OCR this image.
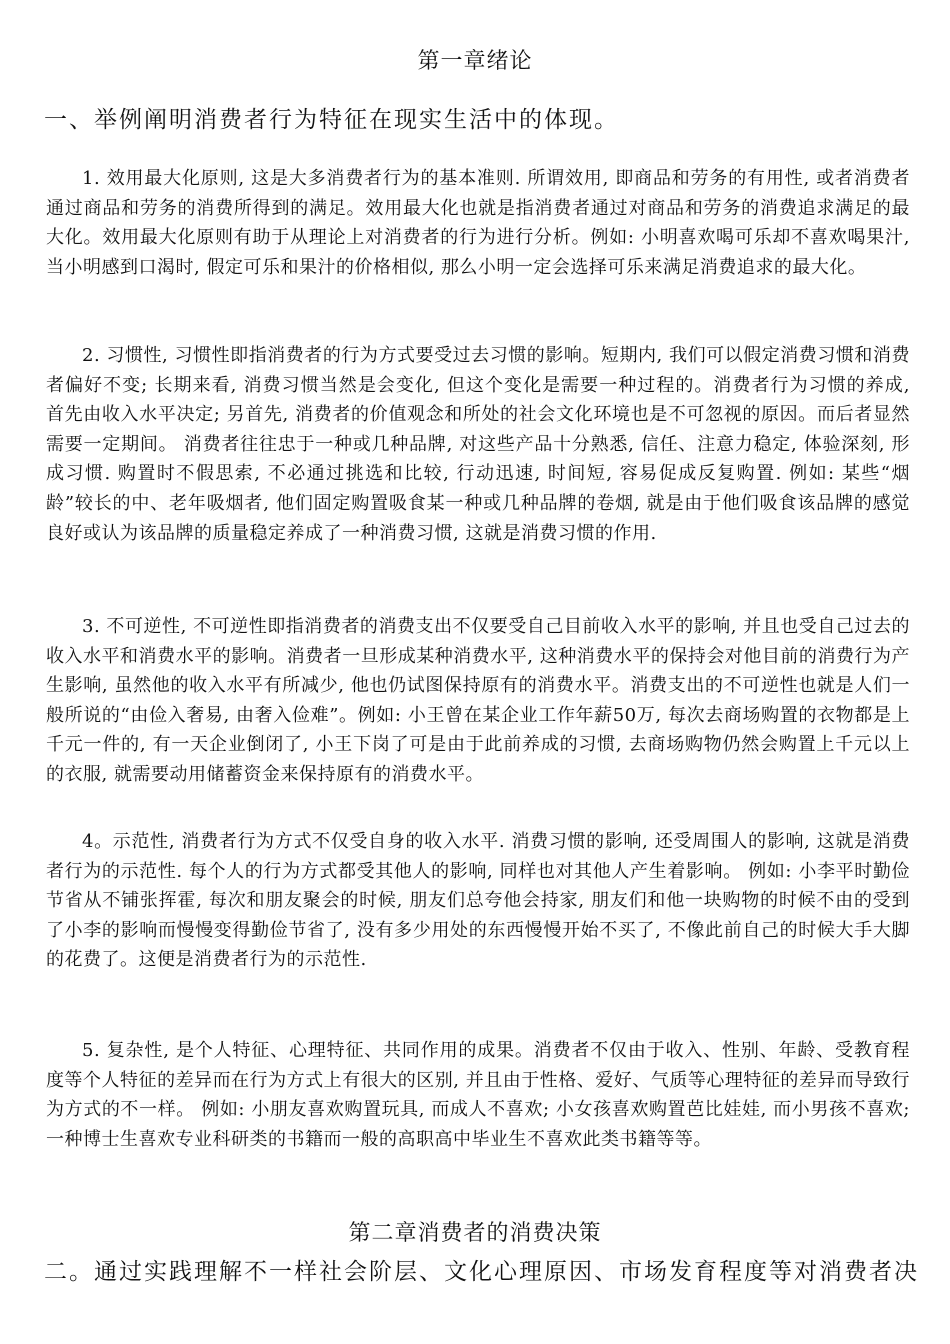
第一章绪论
一、举例阐明消费者行为特征在现实生活中的体现。
1. 效用最大化原则, 这是大多消费者行为的基本准则. 所谓效用, 即商品和劳务的有用性, 或者消费者通过商品和劳务的消费所得到的满足。效用最大化也就是指消费者通过对商品和劳务的消费追求满足的最大化。效用最大化原则有助于从理论上对消费者的行为进行分析。例如: 小明喜欢喝可乐却不喜欢喝果汁, 当小明感到口渴时, 假定可乐和果汁的价格相似, 那么小明一定会选择可乐来满足消费追求的最大化。
2. 习惯性, 习惯性即指消费者的行为方式要受过去习惯的影响。短期内, 我们可以假定消费习惯和消费者偏好不变; 长期来看, 消费习惯当然是会变化, 但这个变化是需要一种过程的。消费者行为习惯的养成, 首先由收入水平决定; 另首先, 消费者的价值观念和所处的社会文化环境也是不可忽视的原因。而后者显然需要一定期间。 消费者往往忠于一种或几种品牌, 对这些产品十分熟悉, 信任、注意力稳定, 体验深刻, 形成习惯. 购置时不假思索, 不必通过挑选和比较, 行动迅速, 时间短, 容易促成反复购置. 例如: 某些“烟龄”较长的中、老年吸烟者, 他们固定购置吸食某一种或几种品牌的卷烟, 就是由于他们吸食该品牌的感觉良好或认为该品牌的质量稳定养成了一种消费习惯, 这就是消费习惯的作用.
3. 不可逆性, 不可逆性即指消费者的消费支出不仅要受自己目前收入水平的影响, 并且也受自己过去的收入水平和消费水平的影响。消费者一旦形成某种消费水平, 这种消费水平的保持会对他目前的消费行为产生影响, 虽然他的收入水平有所减少, 他也仍试图保持原有的消费水平。消费支出的不可逆性也就是人们一般所说的“由俭入奢易, 由奢入俭难”。例如: 小王曾在某企业工作年薪50万, 每次去商场购置的衣物都是上千元一件的, 有一天企业倒闭了, 小王下岗了可是由于此前养成的习惯, 去商场购物仍然会购置上千元以上的衣服, 就需要动用储蓄资金来保持原有的消费水平。
4。示范性, 消费者行为方式不仅受自身的收入水平. 消费习惯的影响, 还受周围人的影响, 这就是消费者行为的示范性. 每个人的行为方式都受其他人的影响, 同样也对其他人产生着影响。 例如: 小李平时勤俭节省从不铺张挥霍, 每次和朋友聚会的时候, 朋友们总夸他会持家, 朋友们和他一块购物的时候不由的受到了小李的影响而慢慢变得勤俭节省了, 没有多少用处的东西慢慢开始不买了, 不像此前自己的时候大手大脚的花费了。这便是消费者行为的示范性.
5. 复杂性, 是个人特征、心理特征、共同作用的成果。消费者不仅由于收入、性别、年龄、受教育程度等个人特征的差异而在行为方式上有很大的区别, 并且由于性格、爱好、气质等心理特征的差异而导致行为方式的不一样。 例如: 小朋友喜欢购置玩具, 而成人不喜欢; 小女孩喜欢购置芭比娃娃, 而小男孩不喜欢; 一种博士生喜欢专业科研类的书籍而一般的高职高中毕业生不喜欢此类书籍等等。
第二章消费者的消费决策
二。通过实践理解不一样社会阶层、文化心理原因、市场发育程度等对消费者决
